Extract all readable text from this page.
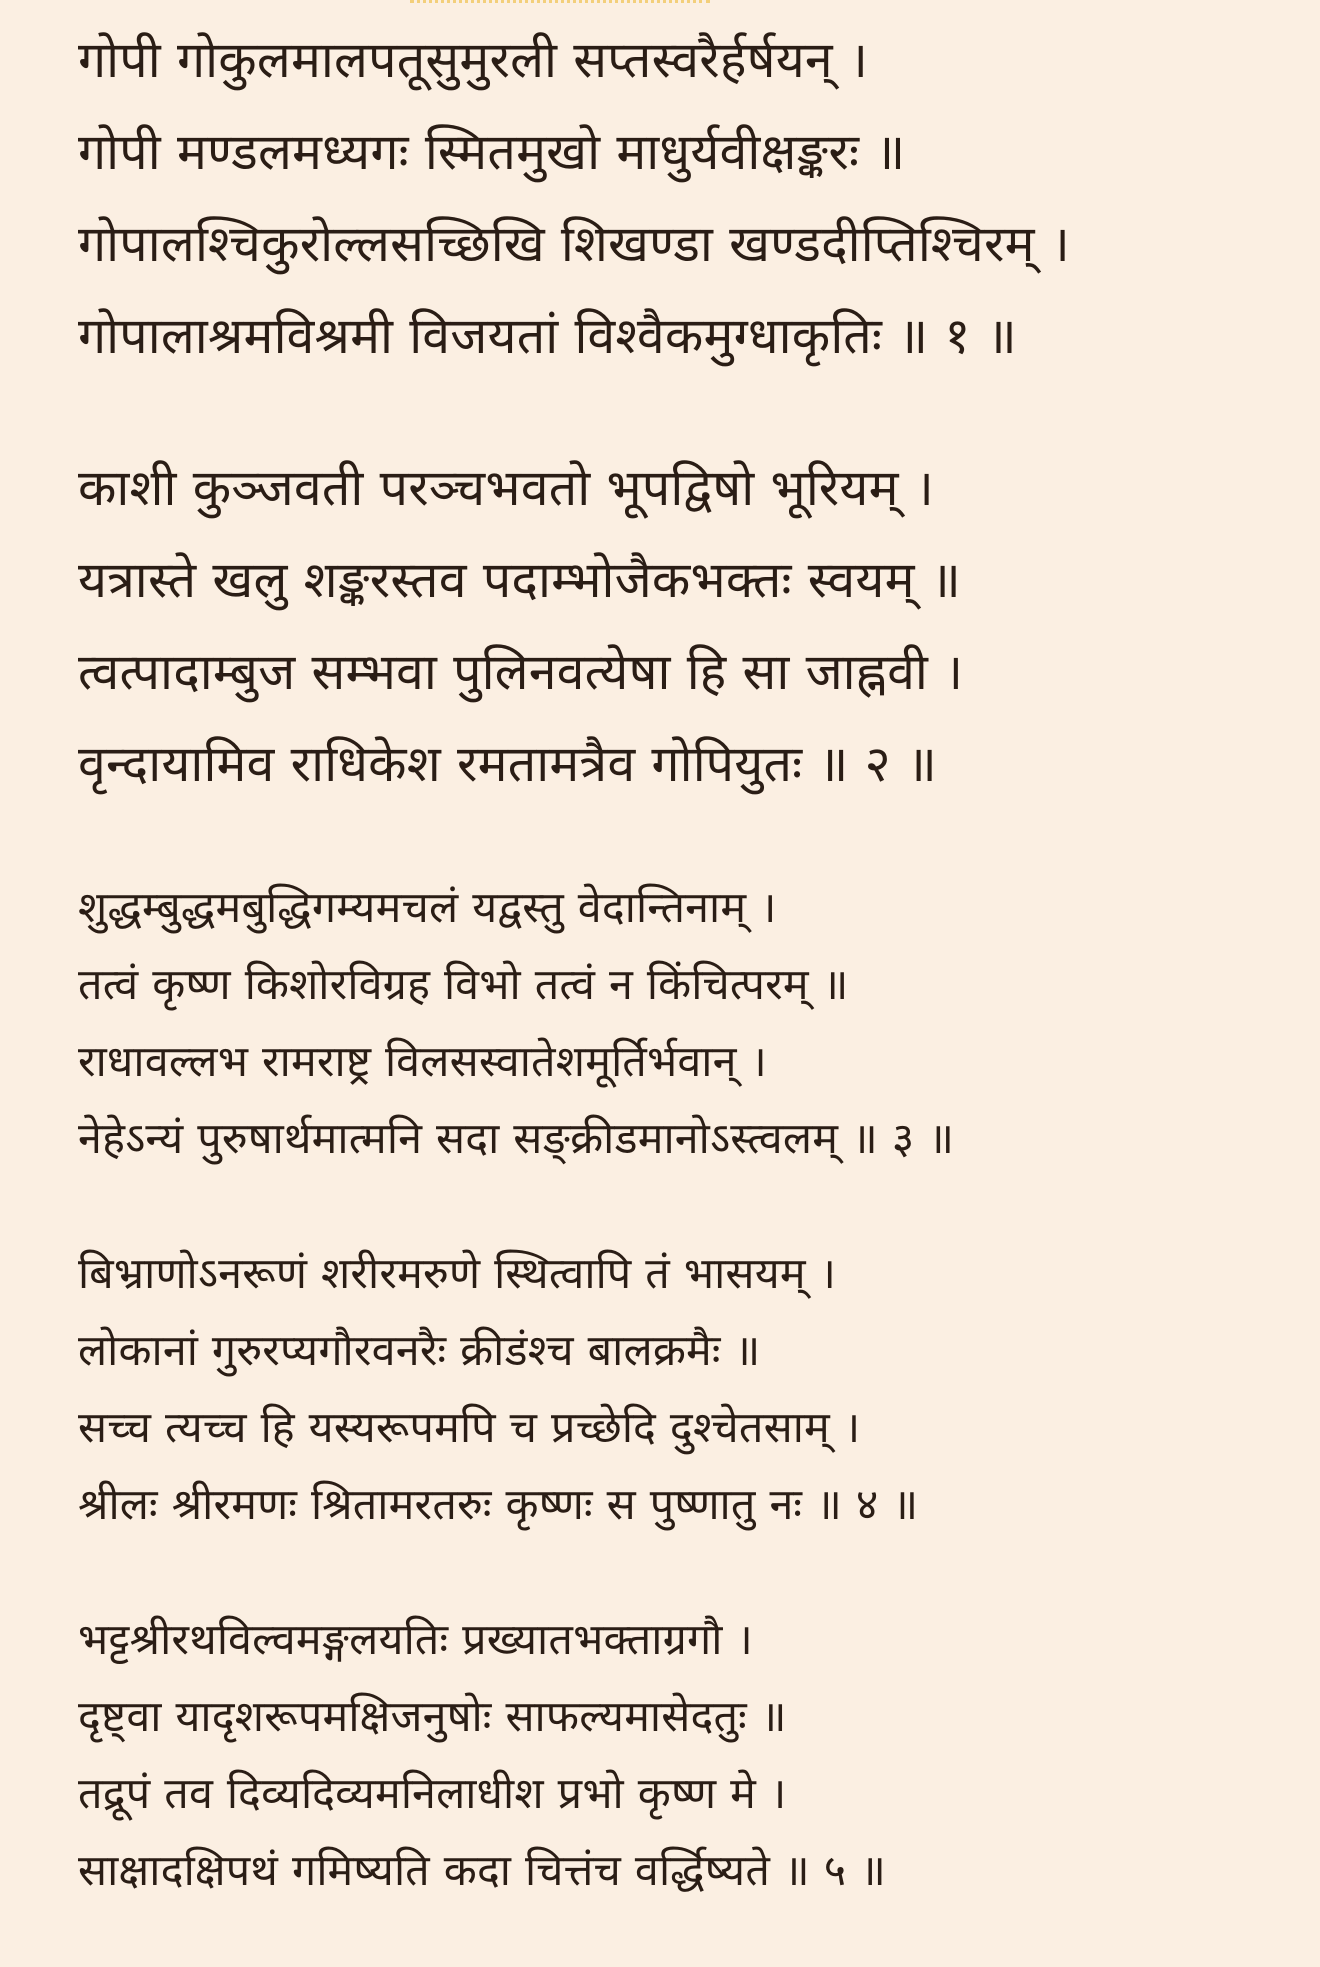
गोपी गोकुलमालपतूसुमुरली सप्तस्वरैर्हर्षयन् ।
गोपी मण्डलमध्यगः स्मितमुखो माधुर्यवीक्षङ्करः ॥
गोपालश्चिकुरोल्लसच्छिखि शिखण्डा खण्डदीप्तिश्चिरम् ।
गोपालाश्रमविश्रमी विजयतां विश्वैकमुग्धाकृतिः ॥ १ ॥
काशी कुञ्जवती परञ्चभवतो भूपद्विषो भूरियम् ।
यत्रास्ते खलु शङ्करस्तव पदाम्भोजैकभक्तः स्वयम् ॥
त्वत्पादाम्बुज सम्भवा पुलिनवत्येषा हि सा जाह्नवी ।
वृन्दायामिव राधिकेश रमतामत्रैव गोपियुतः ॥ २ ॥
शुद्धम्बुद्धमबुद्धिगम्यमचलं यद्वस्तु वेदान्तिनाम् ।
तत्वं कृष्ण किशोरविग्रह विभो तत्वं न किंचित्परम् ॥
राधावल्लभ रामराष्ट्र विलसस्वातेशमूर्तिर्भवान् ।
नेहेऽन्यं पुरुषार्थमात्मनि सदा सङ्क्रीडमानोऽस्त्वलम् ॥ ३ ॥
बिभ्राणोऽनरूणं शरीरमरुणे स्थित्वापि तं भासयम् ।
लोकानां गुरुरप्यगौरवनरैः क्रीडंश्च बालक्रमैः ॥
सच्च त्यच्च हि यस्यरूपमपि च प्रच्छेदि दुश्चेतसाम् ।
श्रीलः श्रीरमणः श्रितामरतरुः कृष्णः स पुष्णातु नः ॥ ४ ॥
भट्टश्रीरथविल्वमङ्गलयतिः प्रख्यातभक्ताग्रगौ ।
दृष्ट्वा यादृशरूपमक्षिजनुषोः साफल्यमासेदतुः ॥
तद्रूपं तव दिव्यदिव्यमनिलाधीश प्रभो कृष्ण मे ।
साक्षादक्षिपथं गमिष्यति कदा चित्तंच वर्द्धिष्यते ॥ ५ ॥
